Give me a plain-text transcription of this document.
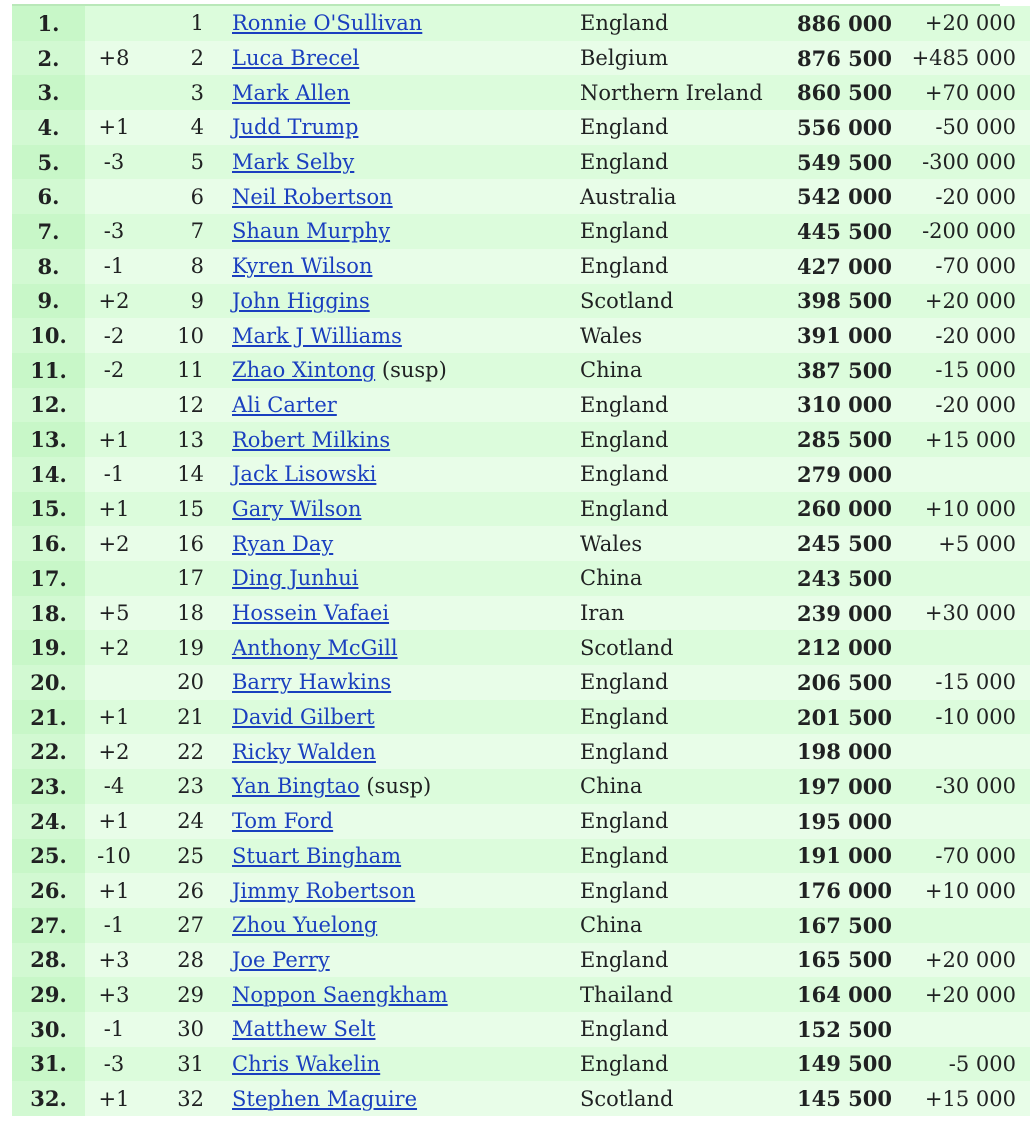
1.		1	Ronnie O'Sullivan	England	886 000	+20 000
2.	+8	2	Luca Brecel	Belgium	876 500	+485 000
3.		3	Mark Allen	Northern Ireland	860 500	+70 000
4.	+1	4	Judd Trump	England	556 000	-50 000
5.	-3	5	Mark Selby	England	549 500	-300 000
6.		6	Neil Robertson	Australia	542 000	-20 000
7.	-3	7	Shaun Murphy	England	445 500	-200 000
8.	-1	8	Kyren Wilson	England	427 000	-70 000
9.	+2	9	John Higgins	Scotland	398 500	+20 000
10.	-2	10	Mark J Williams	Wales	391 000	-20 000
11.	-2	11	Zhao Xintong (susp)	China	387 500	-15 000
12.		12	Ali Carter	England	310 000	-20 000
13.	+1	13	Robert Milkins	England	285 500	+15 000
14.	-1	14	Jack Lisowski	England	279 000	
15.	+1	15	Gary Wilson	England	260 000	+10 000
16.	+2	16	Ryan Day	Wales	245 500	+5 000
17.		17	Ding Junhui	China	243 500	
18.	+5	18	Hossein Vafaei	Iran	239 000	+30 000
19.	+2	19	Anthony McGill	Scotland	212 000	
20.		20	Barry Hawkins	England	206 500	-15 000
21.	+1	21	David Gilbert	England	201 500	-10 000
22.	+2	22	Ricky Walden	England	198 000	
23.	-4	23	Yan Bingtao (susp)	China	197 000	-30 000
24.	+1	24	Tom Ford	England	195 000	
25.	-10	25	Stuart Bingham	England	191 000	-70 000
26.	+1	26	Jimmy Robertson	England	176 000	+10 000
27.	-1	27	Zhou Yuelong	China	167 500	
28.	+3	28	Joe Perry	England	165 500	+20 000
29.	+3	29	Noppon Saengkham	Thailand	164 000	+20 000
30.	-1	30	Matthew Selt	England	152 500	
31.	-3	31	Chris Wakelin	England	149 500	-5 000
32.	+1	32	Stephen Maguire	Scotland	145 500	+15 000
